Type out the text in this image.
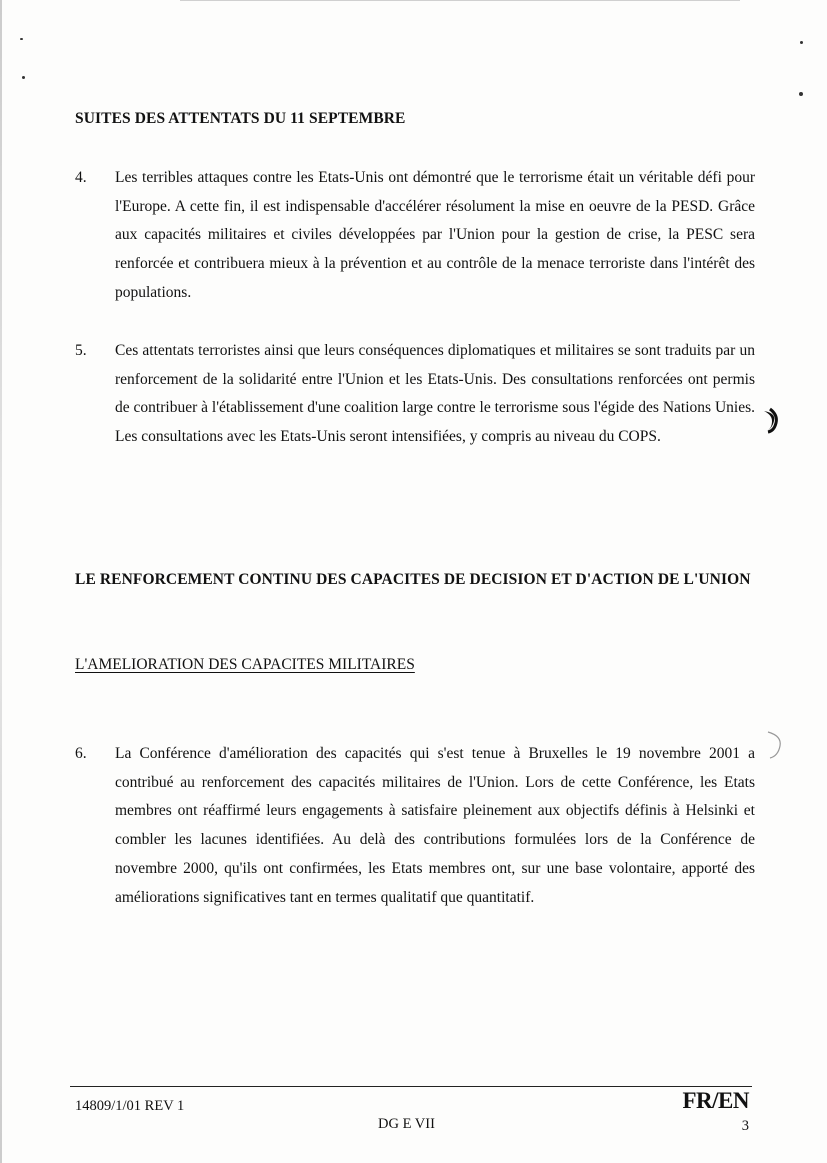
SUITES DES ATTENTATS DU 11 SEPTEMBRE
4. Les terribles attaques contre les Etats-Unis ont démontré que le terrorisme était un véritable défi pour l'Europe. A cette fin, il est indispensable d'accélérer résolument la mise en oeuvre de la PESD. Grâce aux capacités militaires et civiles développées par l'Union pour la gestion de crise, la PESC sera renforcée et contribuera mieux à la prévention et au contrôle de la menace terroriste dans l'intérêt des populations.
5. Ces attentats terroristes ainsi que leurs conséquences diplomatiques et militaires se sont traduits par un renforcement de la solidarité entre l'Union et les Etats-Unis. Des consultations renforcées ont permis de contribuer à l'établissement d'une coalition large contre le terrorisme sous l'égide des Nations Unies. Les consultations avec les Etats-Unis seront intensifiées, y compris au niveau du COPS.
LE RENFORCEMENT CONTINU DES CAPACITES DE DECISION ET D'ACTION DE L'UNION
L'AMELIORATION DES CAPACITES MILITAIRES
6. La Conférence d'amélioration des capacités qui s'est tenue à Bruxelles le 19 novembre 2001 a contribué au renforcement des capacités militaires de l'Union. Lors de cette Conférence, les Etats membres ont réaffirmé leurs engagements à satisfaire pleinement aux objectifs définis à Helsinki et combler les lacunes identifiées. Au delà des contributions formulées lors de la Conférence de novembre 2000, qu'ils ont confirmées, les Etats membres ont, sur une base volontaire, apporté des améliorations significatives tant en termes qualitatif que quantitatif.
14809/1/01 REV 1
DG E VII
FR/EN
3
